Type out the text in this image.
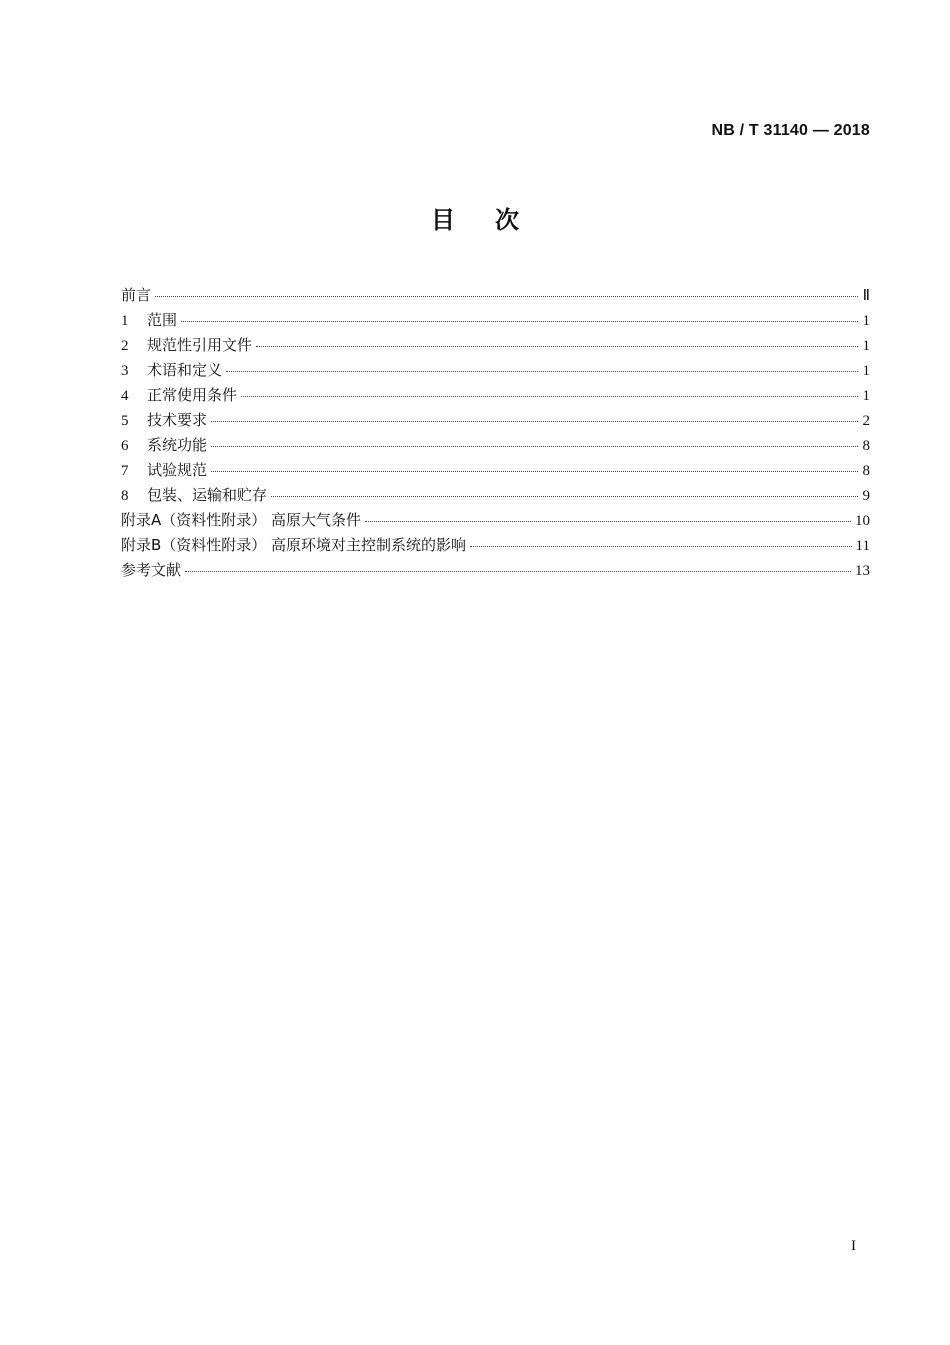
NB / T 31140 — 2018
目 次
前言	Ⅱ
1	范围	1
2	规范性引用文件	1
3	术语和定义	1
4	正常使用条件	1
5	技术要求	2
6	系统功能	8
7	试验规范	8
8	包装、运输和贮存	9
附录A（资料性附录） 高原大气条件	10
附录B（资料性附录） 高原环境对主控制系统的影响	11
参考文献	13
I
